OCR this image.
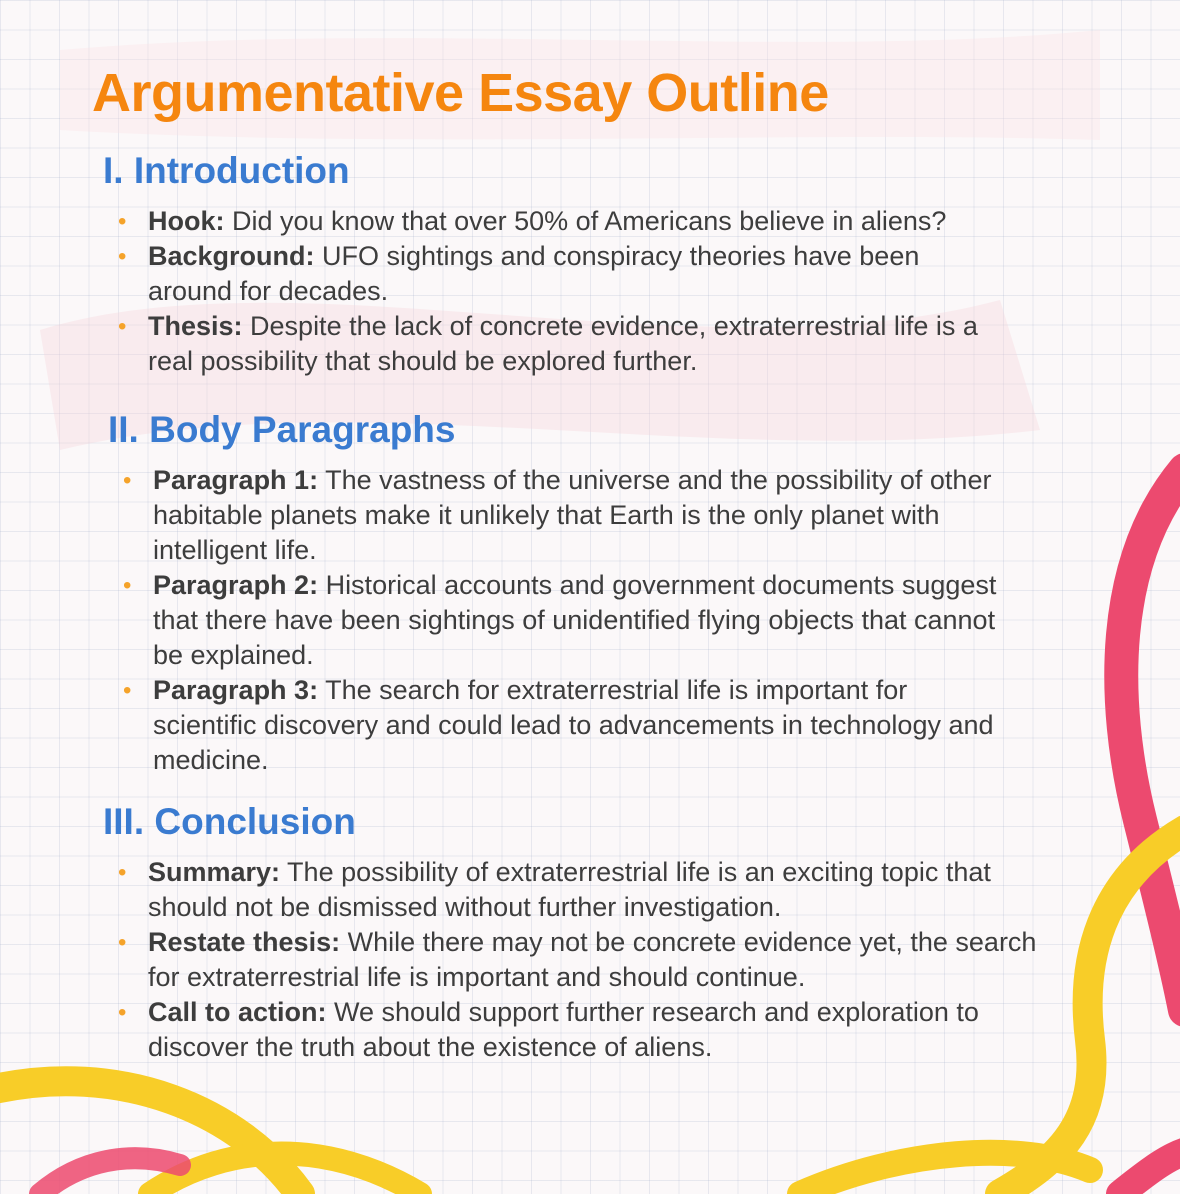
Argumentative Essay Outline
I. Introduction
• Hook: Did you know that over 50% of Americans believe in aliens?
• Background: UFO sightings and conspiracy theories have been around for decades.
• Thesis: Despite the lack of concrete evidence, extraterrestrial life is a real possibility that should be explored further.
II. Body Paragraphs
• Paragraph 1: The vastness of the universe and the possibility of other habitable planets make it unlikely that Earth is the only planet with intelligent life.
• Paragraph 2: Historical accounts and government documents suggest that there have been sightings of unidentified flying objects that cannot be explained.
• Paragraph 3: The search for extraterrestrial life is important for scientific discovery and could lead to advancements in technology and medicine.
III. Conclusion
• Summary: The possibility of extraterrestrial life is an exciting topic that should not be dismissed without further investigation.
• Restate thesis: While there may not be concrete evidence yet, the search for extraterrestrial life is important and should continue.
• Call to action: We should support further research and exploration to discover the truth about the existence of aliens.
